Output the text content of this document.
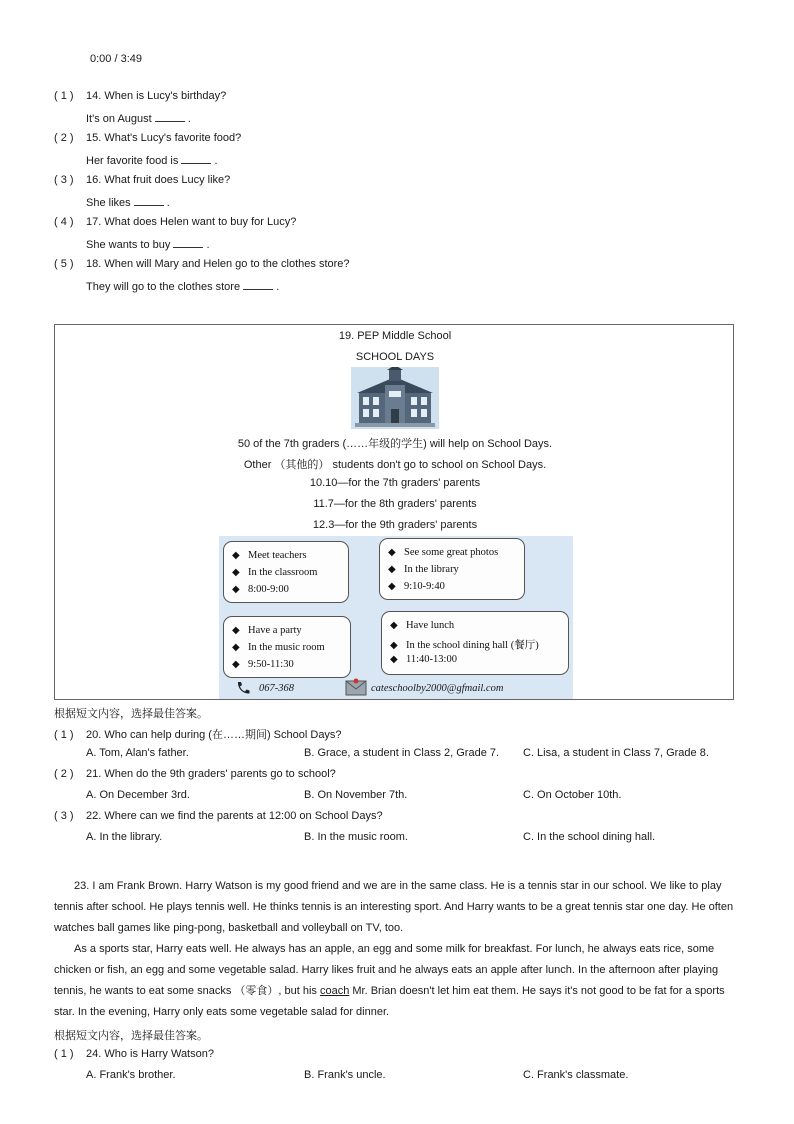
0:00 / 3:49
( 1 ) 14. When is Lucy's birthday?
It's on August	.
( 2 ) 15. What's Lucy's favorite food?
Her favorite food is	.
( 3 ) 16. What fruit does Lucy like?
She likes	.
( 4 ) 17. What does Helen want to buy for Lucy?
She wants to buy	.
( 5 ) 18. When will Mary and Helen go to the clothes store?
They will go to the clothes store	.
19. PEP Middle School
SCHOOL DAYS
50 of the 7th graders (……年级的学生) will help on School Days.
Other （其他的） students don't go to school on School Days.
10.10—for the 7th graders' parents
11.7—for the 8th graders' parents
12.3—for the 9th graders' parents
◆ Meet teachers
◆ In the classroom
◆ 8:00-9:00
◆ See some great photos
◆ In the library
◆ 9:10-9:40
◆ Have a party
◆ In the music room
◆ 9:50-11:30
◆ Have lunch
◆ In the school dining hall (餐厅)
◆ 11:40-13:00
067-368	cateschoolby2000@gfmail.com
根据短文内容，选择最佳答案。
( 1 ) 20. Who can help during (在……期间) School Days?
A. Tom, Alan's father.	B. Grace, a student in Class 2, Grade 7. C. Lisa, a student in Class 7, Grade 8.
( 2 ) 21. When do the 9th graders' parents go to school?
A. On December 3rd.	B. On November 7th.	C. On October 10th.
( 3 ) 22. Where can we find the parents at 12:00 on School Days?
A. In the library.	B. In the music room.	C. In the school dining hall.
23. I am Frank Brown. Harry Watson is my good friend and we are in the same class. He is a tennis star in our school. We like to play tennis after school. He plays tennis well. He thinks tennis is an interesting sport. And Harry wants to be a great tennis star one day. He often watches ball games like ping-pong, basketball and volleyball on TV, too.
As a sports star, Harry eats well. He always has an apple, an egg and some milk for breakfast. For lunch, he always eats rice, some chicken or fish, an egg and some vegetable salad. Harry likes fruit and he always eats an apple after lunch. In the afternoon after playing tennis, he wants to eat some snacks （零食）, but his coach Mr. Brian doesn't let him eat them. He says it's not good to be fat for a sports star. In the evening, Harry only eats some vegetable salad for dinner.
根据短文内容，选择最佳答案。
( 1 ) 24. Who is Harry Watson?
A. Frank's brother.	B. Frank's uncle.	C. Frank's classmate.
